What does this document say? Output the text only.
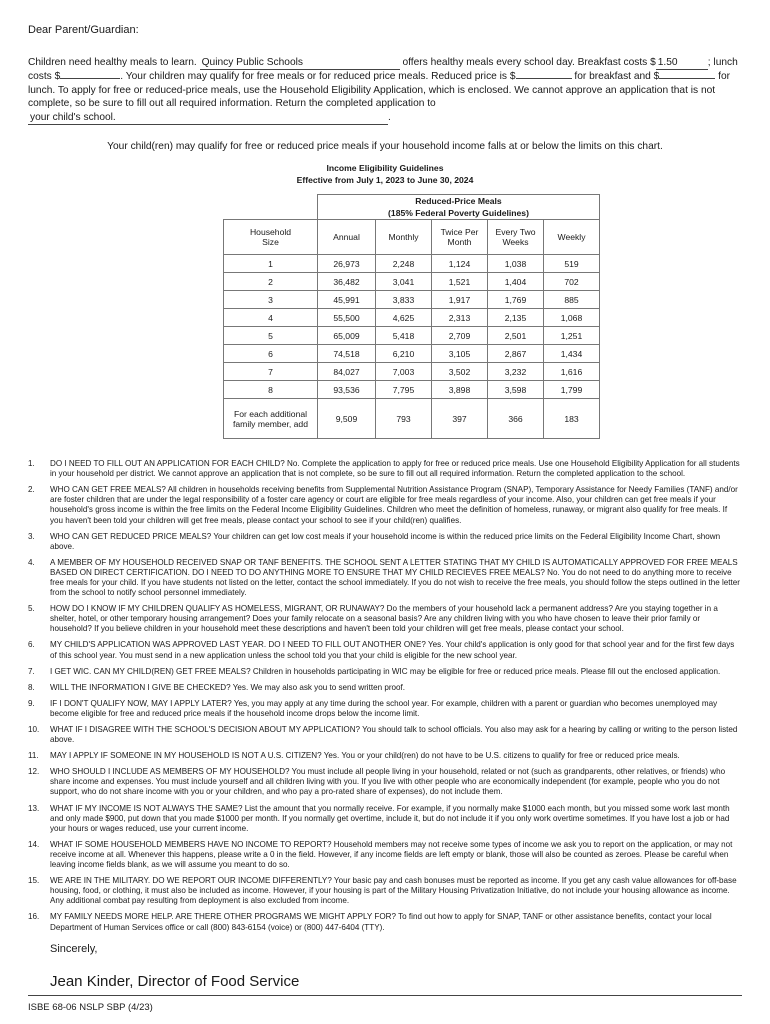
Dear Parent/Guardian:

Children need healthy meals to learn. Quincy Public Schools	offers healthy meals every school day. Breakfast costs $ 1.50	; lunch costs $	. Your children may qualify for free meals or for reduced price meals. Reduced price is $	for breakfast and $	for lunch. To apply for free or reduced-price meals, use the Household Eligibility Application, which is enclosed. We cannot approve an application that is not complete, so be sure to fill out all required information. Return the completed application to your child's school.	.

Your child(ren) may qualify for free or reduced price meals if your household income falls at or below the limits on this chart.

Income Eligibility Guidelines
Effective from July 1, 2023 to June 30, 2024

	Reduced-Price Meals
(185% Federal Poverty Guidelines)				

Household Size	Annual	Monthly	Twice Per Month	Every Two Weeks	Weekly
1	26,973	2,248	1,124	1,038	519
2	36,482	3,041	1,521	1,404	702
3	45,991	3,833	1,917	1,769	885
4	55,500	4,625	2,313	2,135	1,068
5	65,009	5,418	2,709	2,501	1,251
6	74,518	6,210	3,105	2,867	1,434
7	84,027	7,003	3,502	3,232	1,616
8	93,536	7,795	3,898	3,598	1,799
For each additional family member, add	9,509	793	397	366	183
1. DO I NEED TO FILL OUT AN APPLICATION FOR EACH CHILD? No. Complete the application to apply for free or reduced price meals. Use one Household Eligibility Application for all students in your household per district. We cannot approve an application that is not complete, so be sure to fill out all required information. Return the completed application to the school.
2. WHO CAN GET FREE MEALS? All children in households receiving benefits from Supplemental Nutrition Assistance Program (SNAP), Temporary Assistance for Needy Families (TANF) and/or are foster children that are under the legal responsibility of a foster care agency or court are eligible for free meals regardless of your income. Also, your children can get free meals if your household's gross income is within the free limits on the Federal Income Eligibility Guidelines. Children who meet the definition of homeless, runaway, or migrant also qualify for free meals. If you haven't been told your children will get free meals, please contact your school to see if your child(ren) qualifies.
3. WHO CAN GET REDUCED PRICE MEALS? Your children can get low cost meals if your household income is within the reduced price limits on the Federal Eligibility Income Chart, shown above.
4. A MEMBER OF MY HOUSEHOLD RECEIVED SNAP OR TANF BENEFITS. THE SCHOOL SENT A LETTER STATING THAT MY CHILD IS AUTOMATICALLY APPROVED FOR FREE MEALS BASED ON DIRECT CERTIFICATION. DO I NEED TO DO ANYTHING MORE TO ENSURE THAT MY CHILD RECIEVES FREE MEALS? No. You do not need to do anything more to receive free meals for your child. If you have students not listed on the letter, contact the school immediately. If you do not wish to receive the free meals, you should follow the steps outlined in the letter from the school to notify school personnel immediately.
5. HOW DO I KNOW IF MY CHILDREN QUALIFY AS HOMELESS, MIGRANT, OR RUNAWAY? Do the members of your household lack a permanent address? Are you staying together in a shelter, hotel, or other temporary housing arrangement? Does your family relocate on a seasonal basis? Are any children living with you who have chosen to leave their prior family or household? If you believe children in your household meet these descriptions and haven't been told your children will get free meals, please contact your school.
6. MY CHILD'S APPLICATION WAS APPROVED LAST YEAR. DO I NEED TO FILL OUT ANOTHER ONE? Yes. Your child's application is only good for that school year and for the first few days of this school year. You must send in a new application unless the school told you that your child is eligible for the new school year.
7. I GET WIC. CAN MY CHILD(REN) GET FREE MEALS? Children in households participating in WIC may be eligible for free or reduced price meals. Please fill out the enclosed application.
8. WILL THE INFORMATION I GIVE BE CHECKED? Yes. We may also ask you to send written proof.
9. IF I DON'T QUALIFY NOW, MAY I APPLY LATER? Yes, you may apply at any time during the school year. For example, children with a parent or guardian who becomes unemployed may become eligible for free and reduced price meals if the household income drops below the income limit.
10. WHAT IF I DISAGREE WITH THE SCHOOL'S DECISION ABOUT MY APPLICATION? You should talk to school officials. You also may ask for a hearing by calling or writing to the person listed above.
11. MAY I APPLY IF SOMEONE IN MY HOUSEHOLD IS NOT A U.S. CITIZEN? Yes. You or your child(ren) do not have to be U.S. citizens to qualify for free or reduced price meals.
12. WHO SHOULD I INCLUDE AS MEMBERS OF MY HOUSEHOLD? You must include all people living in your household, related or not (such as grandparents, other relatives, or friends) who share income and expenses. You must include yourself and all children living with you. If you live with other people who are economically independent (for example, people who you do not support, who do not share income with you or your children, and who pay a pro-rated share of expenses), do not include them.
13. WHAT IF MY INCOME IS NOT ALWAYS THE SAME? List the amount that you normally receive. For example, if you normally make $1000 each month, but you missed some work last month and only made $900, put down that you made $1000 per month. If you normally get overtime, include it, but do not include it if you only work overtime sometimes. If you have lost a job or had your hours or wages reduced, use your current income.
14. WHAT IF SOME HOUSEHOLD MEMBERS HAVE NO INCOME TO REPORT? Household members may not receive some types of income we ask you to report on the application, or may not receive income at all. Whenever this happens, please write a 0 in the field. However, if any income fields are left empty or blank, those will also be counted as zeroes. Please be careful when leaving income fields blank, as we will assume you meant to do so.
15. WE ARE IN THE MILITARY. DO WE REPORT OUR INCOME DIFFERENTLY? Your basic pay and cash bonuses must be reported as income. If you get any cash value allowances for off-base housing, food, or clothing, it must also be included as income. However, if your housing is part of the Military Housing Privatization Initiative, do not include your housing allowance as income. Any additional combat pay resulting from deployment is also excluded from income.
16. MY FAMILY NEEDS MORE HELP. ARE THERE OTHER PROGRAMS WE MIGHT APPLY FOR? To find out how to apply for SNAP, TANF or other assistance benefits, contact your local Department of Human Services office or call (800) 843-6154 (voice) or (800) 447-6404 (TTY).
Sincerely,
Jean Kinder, Director of Food Service
ISBE 68-06 NSLP SBP (4/23)
